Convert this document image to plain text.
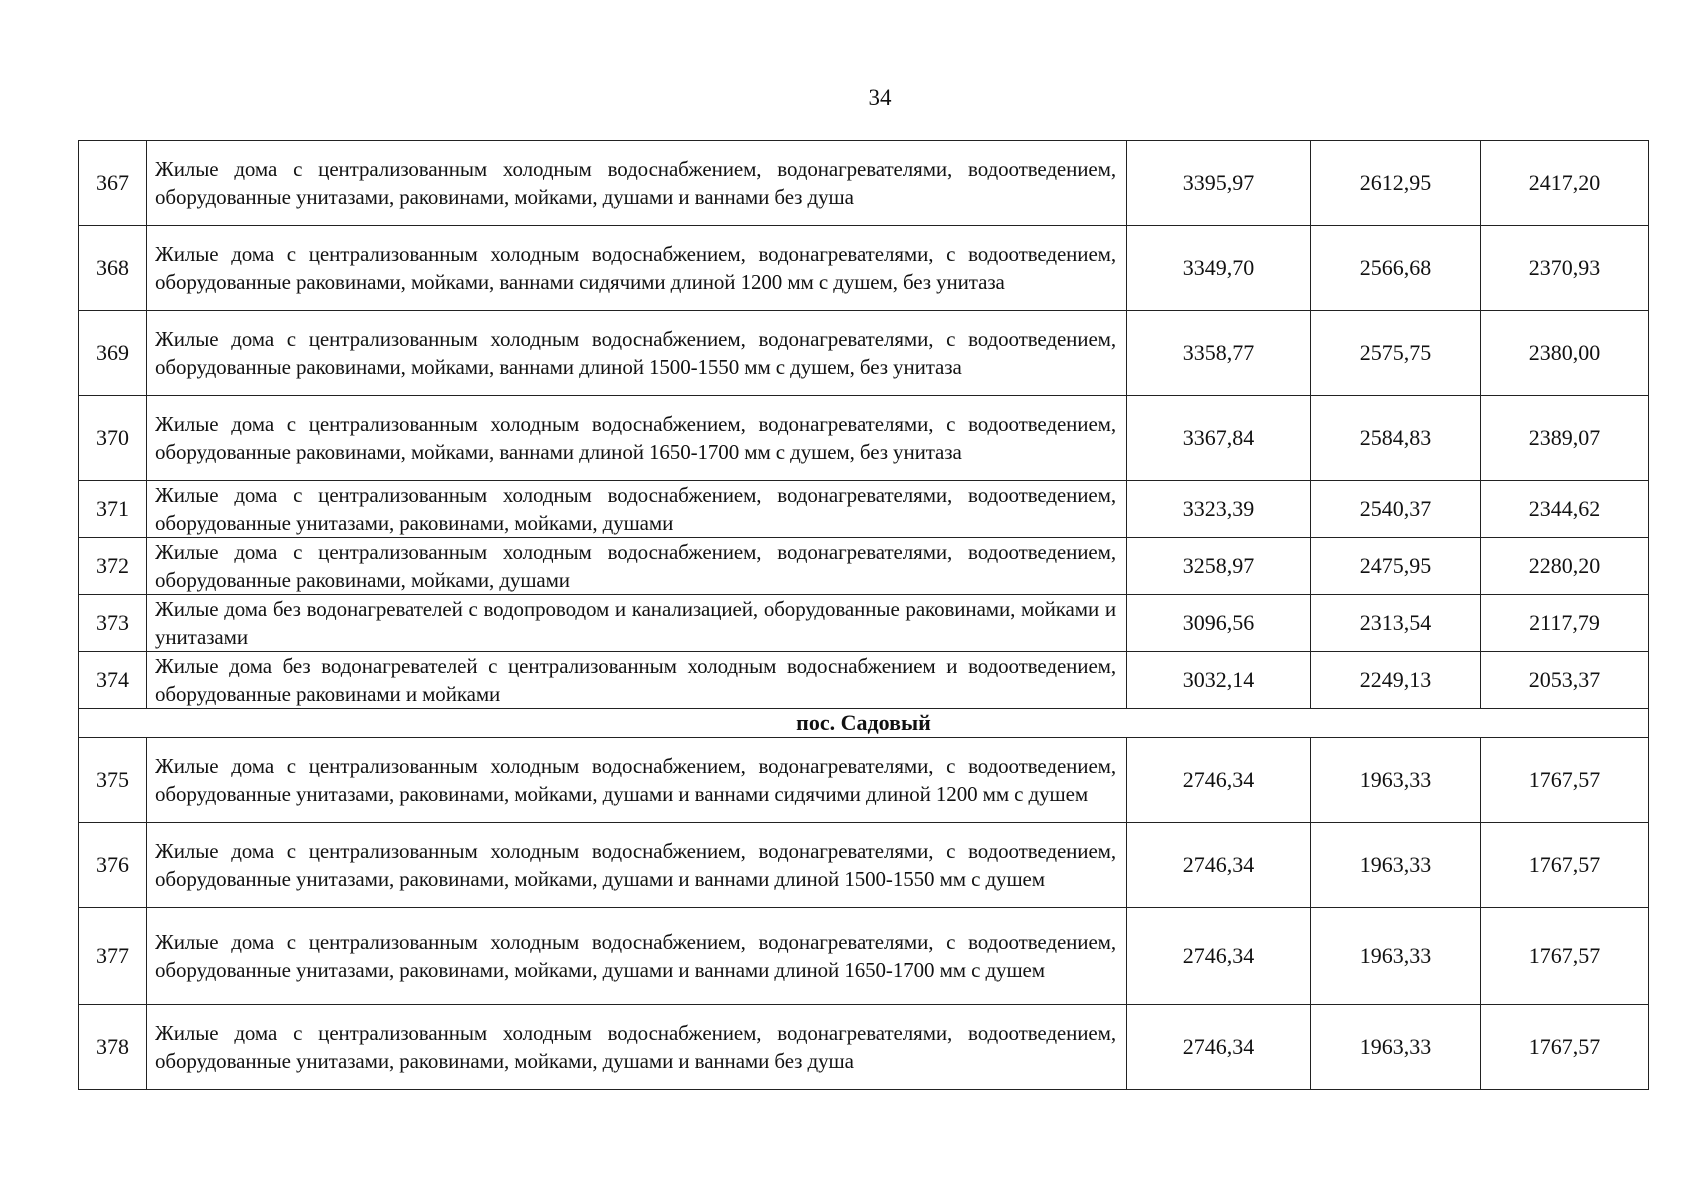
34
367	Жилые дома с централизованным холодным водоснабжением, водонагревателями, водоотведением, оборудованные унитазами, раковинами, мойками, душами и ваннами без душа	3395,97	2612,95	2417,20
368	Жилые дома с централизованным холодным водоснабжением, водонагревателями, с водоотведением, оборудованные раковинами, мойками, ваннами сидячими длиной 1200 мм с душем, без унитаза	3349,70	2566,68	2370,93
369	Жилые дома с централизованным холодным водоснабжением, водонагревателями, с водоотведением, оборудованные раковинами, мойками, ваннами длиной 1500-1550 мм с душем, без унитаза	3358,77	2575,75	2380,00
370	Жилые дома с централизованным холодным водоснабжением, водонагревателями, с водоотведением, оборудованные раковинами, мойками, ваннами длиной 1650-1700 мм с душем, без унитаза	3367,84	2584,83	2389,07
371	Жилые дома с централизованным холодным водоснабжением, водонагревателями, водоотведением, оборудованные унитазами, раковинами, мойками, душами	3323,39	2540,37	2344,62
372	Жилые дома с централизованным холодным водоснабжением, водонагревателями, водоотведением, оборудованные раковинами, мойками, душами	3258,97	2475,95	2280,20
373	Жилые дома без водонагревателей с водопроводом и канализацией, оборудованные раковинами, мойками и унитазами	3096,56	2313,54	2117,79
374	Жилые дома без водонагревателей с централизованным холодным водоснабжением и водоотведением, оборудованные раковинами и мойками	3032,14	2249,13	2053,37
пос. Садовый				
375	Жилые дома с централизованным холодным водоснабжением, водонагревателями, с водоотведением, оборудованные унитазами, раковинами, мойками, душами и ваннами сидячими длиной 1200 мм с душем	2746,34	1963,33	1767,57
376	Жилые дома с централизованным холодным водоснабжением, водонагревателями, с водоотведением, оборудованные унитазами, раковинами, мойками, душами и ваннами длиной 1500-1550 мм с душем	2746,34	1963,33	1767,57
377	Жилые дома с централизованным холодным водоснабжением, водонагревателями, с водоотведением, оборудованные унитазами, раковинами, мойками, душами и ваннами длиной 1650-1700 мм с душем	2746,34	1963,33	1767,57
378	Жилые дома с централизованным холодным водоснабжением, водонагревателями, водоотведением, оборудованные унитазами, раковинами, мойками, душами и ваннами без душа	2746,34	1963,33	1767,57
